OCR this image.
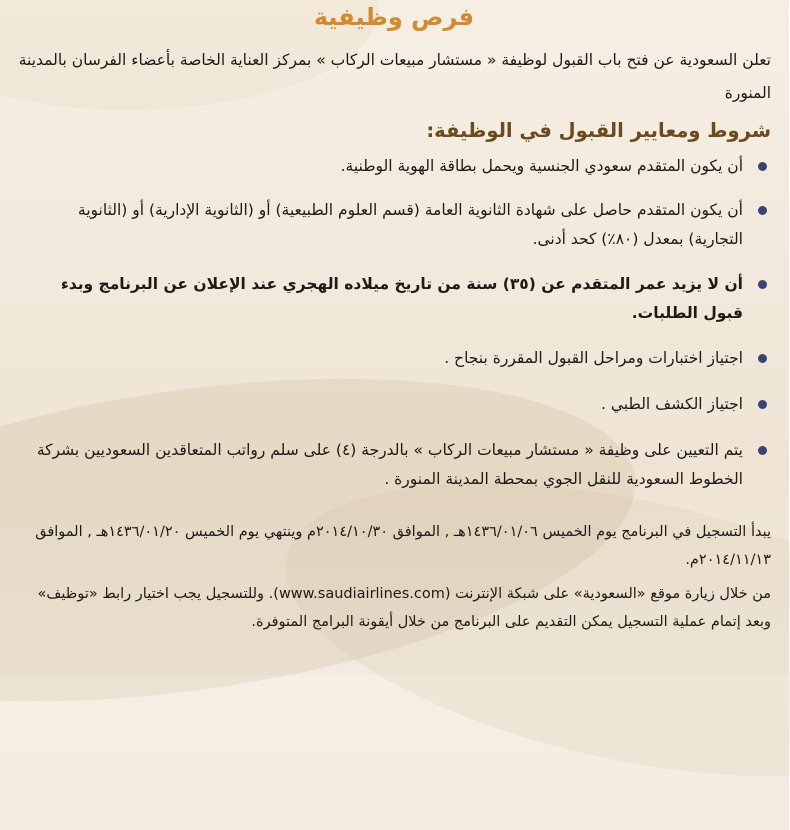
فرص وظيفية
تعلن السعودية عن فتح باب القبول لوظيفة « مستشار مبيعات الركاب » بمركز العناية الخاصة بأعضاء الفرسان بالمدينة المنورة
شروط ومعايير القبول في الوظيفة:
أن يكون المتقدم سعودي الجنسية ويحمل بطاقة الهوية الوطنية.
أن يكون المتقدم حاصل على شهادة الثانوية العامة (قسم العلوم الطبيعية) أو (الثانوية الإدارية) أو (الثانوية التجارية) بمعدل (٨٠٪) كحد أدنى.
أن لا يزيد عمر المتقدم عن (٣٥) سنة من تاريخ ميلاده الهجري عند الإعلان عن البرنامج وبدء قبول الطلبات.
اجتياز اختبارات ومراحل القبول المقررة بنجاح .
اجتياز الكشف الطبي .
يتم التعيين على وظيفة « مستشار مبيعات الركاب » بالدرجة (٤) على سلم رواتب المتعاقدين السعوديين بشركة الخطوط السعودية للنقل الجوي بمحطة المدينة المنورة .
يبدأ التسجيل في البرنامج يوم الخميس ١٤٣٦/٠١/٠٦هـ , الموافق ٢٠١٤/١٠/٣٠م وينتهي يوم الخميس ١٤٣٦/٠١/٢٠هـ , الموافق ٢٠١٤/١١/١٣م.
من خلال زيارة موقع «السعودية» على شبكة الإنترنت (www.saudiairlines.com). وللتسجيل يجب اختيار رابط «توظيف» وبعد إتمام عملية التسجيل يمكن التقديم على البرنامج من خلال أيقونة البرامج المتوفرة.
